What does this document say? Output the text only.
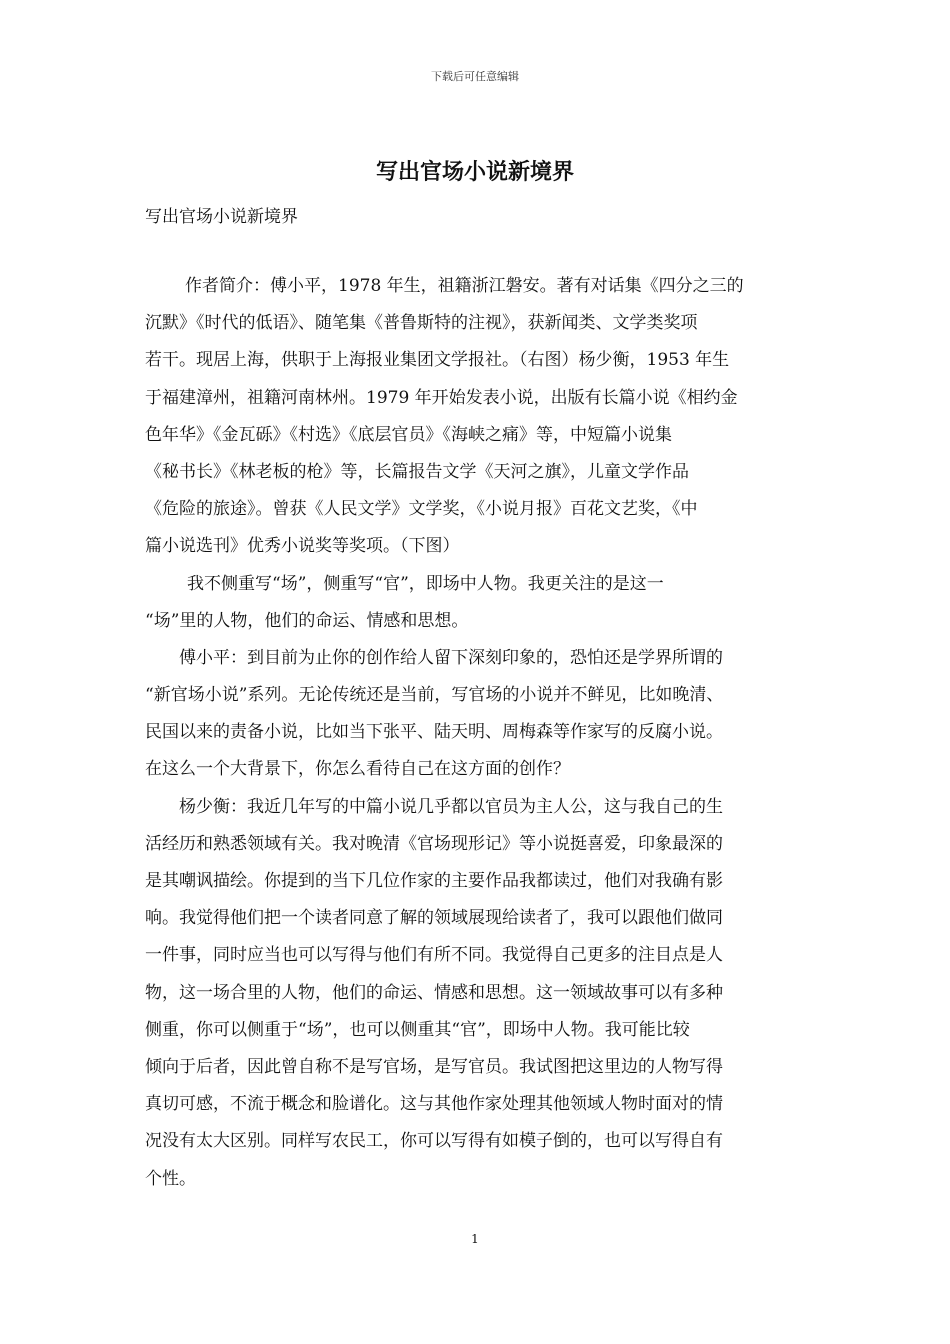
下载后可任意编辑
写出官场小说新境界

写出官场小说新境界

作者简介：傅小平，1978 年生，祖籍浙江磐安。著有对话集《四分之三的
沉默》《时代的低语》、随笔集《普鲁斯特的注视》，获新闻类、文学类奖项
若干。现居上海，供职于上海报业集团文学报社。（右图）杨少衡，1953 年生
于福建漳州，祖籍河南林州。1979 年开始发表小说，出版有长篇小说《相约金
色年华》《金瓦砾》《村选》《底层官员》《海峡之痛》等，中短篇小说集
《秘书长》《林老板的枪》等，长篇报告文学《天河之旗》，儿童文学作品
《危险的旅途》。曾获《人民文学》文学奖，《小说月报》百花文艺奖，《中
篇小说选刊》优秀小说奖等奖项。（下图）
我不侧重写“场”，侧重写“官”，即场中人物。我更关注的是这一
“场”里的人物，他们的命运、情感和思想。
傅小平：到目前为止你的创作给人留下深刻印象的，恐怕还是学界所谓的
“新官场小说”系列。无论传统还是当前，写官场的小说并不鲜见，比如晚清、
民国以来的责备小说，比如当下张平、陆天明、周梅森等作家写的反腐小说。
在这么一个大背景下，你怎么看待自己在这方面的创作？
杨少衡：我近几年写的中篇小说几乎都以官员为主人公，这与我自己的生
活经历和熟悉领域有关。我对晚清《官场现形记》等小说挺喜爱，印象最深的
是其嘲讽描绘。你提到的当下几位作家的主要作品我都读过，他们对我确有影
响。我觉得他们把一个读者同意了解的领域展现给读者了，我可以跟他们做同
一件事，同时应当也可以写得与他们有所不同。我觉得自己更多的注目点是人
物，这一场合里的人物，他们的命运、情感和思想。这一领域故事可以有多种
侧重，你可以侧重于“场”，也可以侧重其“官”，即场中人物。我可能比较
倾向于后者，因此曾自称不是写官场，是写官员。我试图把这里边的人物写得
真切可感，不流于概念和脸谱化。这与其他作家处理其他领域人物时面对的情
况没有太大区别。同样写农民工，你可以写得有如模子倒的，也可以写得自有
个性。
1
